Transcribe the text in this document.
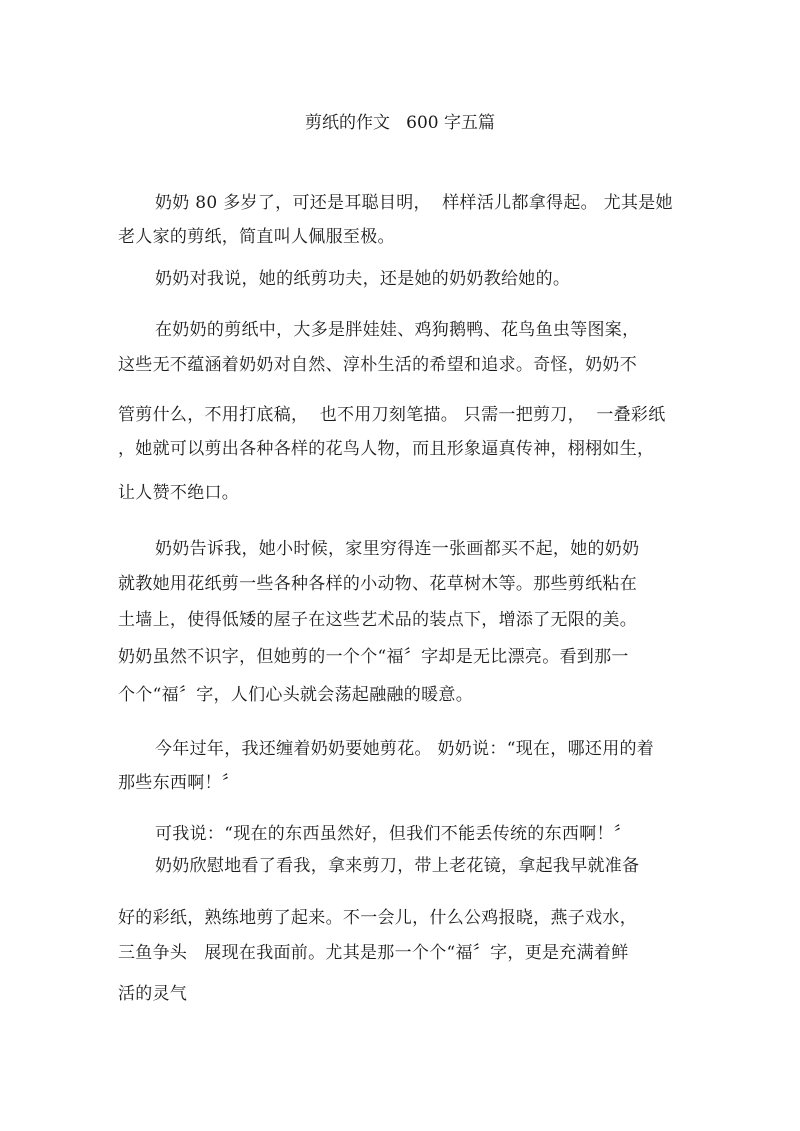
剪纸的作文   600 字五篇
奶奶 80 多岁了，可还是耳聪目明，  样样活儿都拿得起。 尤其是她
老人家的剪纸，简直叫人佩服至极。
奶奶对我说，她的纸剪功夫，还是她的奶奶教给她的。
在奶奶的剪纸中，大多是胖娃娃、鸡狗鹅鸭、花鸟鱼虫等图案，
这些无不蕴涵着奶奶对自然、淳朴生活的希望和追求。奇怪，奶奶不
管剪什么，不用打底稿，  也不用刀刻笔描。 只需一把剪刀，  一叠彩纸
，她就可以剪出各种各样的花鸟人物，而且形象逼真传神，栩栩如生，
让人赞不绝口。
奶奶告诉我，她小时候，家里穷得连一张画都买不起，她的奶奶
就教她用花纸剪一些各种各样的小动物、花草树木等。那些剪纸粘在
土墙上，使得低矮的屋子在这些艺术品的装点下，增添了无限的美。
奶奶虽然不识字，但她剪的一个个“福〞字却是无比漂亮。看到那一
个个“福〞字，人们心头就会荡起融融的暖意。
今年过年，我还缠着奶奶要她剪花。 奶奶说：“现在，哪还用的着
那些东西啊！〞
可我说：“现在的东西虽然好，但我们不能丢传统的东西啊！〞
奶奶欣慰地看了看我，拿来剪刀，带上老花镜，拿起我早就准备
好的彩纸，熟练地剪了起来。不一会儿，什么公鸡报晓，燕子戏水，
三鱼争头   展现在我面前。尤其是那一个个“福〞字，更是充满着鲜
活的灵气
